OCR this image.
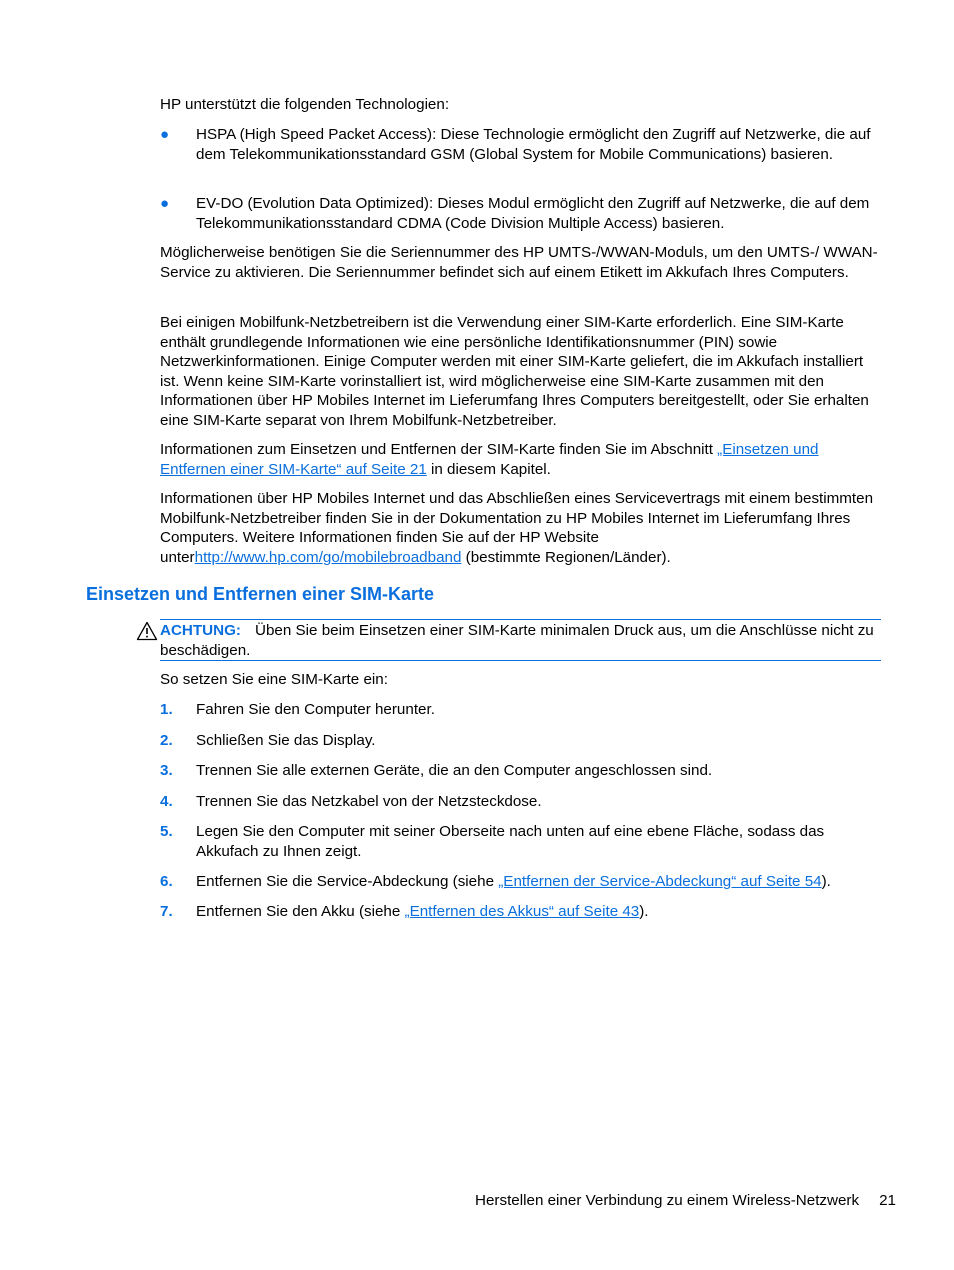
HP unterstützt die folgenden Technologien:

● HSPA (High Speed Packet Access): Diese Technologie ermöglicht den Zugriff auf Netzwerke, die auf dem Telekommunikationsstandard GSM (Global System for Mobile Communications) basieren.
● EV-DO (Evolution Data Optimized): Dieses Modul ermöglicht den Zugriff auf Netzwerke, die auf dem Telekommunikationsstandard CDMA (Code Division Multiple Access) basieren.

Möglicherweise benötigen Sie die Seriennummer des HP UMTS-/WWAN-Moduls, um den UMTS-/ WWAN-Service zu aktivieren. Die Seriennummer befindet sich auf einem Etikett im Akkufach Ihres Computers.

Bei einigen Mobilfunk-Netzbetreibern ist die Verwendung einer SIM-Karte erforderlich. Eine SIM-Karte enthält grundlegende Informationen wie eine persönliche Identifikationsnummer (PIN) sowie Netzwerkinformationen. Einige Computer werden mit einer SIM-Karte geliefert, die im Akkufach installiert ist. Wenn keine SIM-Karte vorinstalliert ist, wird möglicherweise eine SIM-Karte zusammen mit den Informationen über HP Mobiles Internet im Lieferumfang Ihres Computers bereitgestellt, oder Sie erhalten eine SIM-Karte separat von Ihrem Mobilfunk-Netzbetreiber.

Informationen zum Einsetzen und Entfernen der SIM-Karte finden Sie im Abschnitt „Einsetzen und Entfernen einer SIM-Karte“ auf Seite 21 in diesem Kapitel.

Informationen über HP Mobiles Internet und das Abschließen eines Servicevertrags mit einem bestimmten Mobilfunk-Netzbetreiber finden Sie in der Dokumentation zu HP Mobiles Internet im Lieferumfang Ihres Computers. Weitere Informationen finden Sie auf der HP Website unterhttp://www.hp.com/go/mobilebroadband (bestimmte Regionen/Länder).

Einsetzen und Entfernen einer SIM-Karte

ACHTUNG: Üben Sie beim Einsetzen einer SIM-Karte minimalen Druck aus, um die Anschlüsse nicht zu beschädigen.

So setzen Sie eine SIM-Karte ein:

1. Fahren Sie den Computer herunter.
2. Schließen Sie das Display.
3. Trennen Sie alle externen Geräte, die an den Computer angeschlossen sind.
4. Trennen Sie das Netzkabel von der Netzsteckdose.
5. Legen Sie den Computer mit seiner Oberseite nach unten auf eine ebene Fläche, sodass das Akkufach zu Ihnen zeigt.
6. Entfernen Sie die Service-Abdeckung (siehe „Entfernen der Service-Abdeckung“ auf Seite 54).
7. Entfernen Sie den Akku (siehe „Entfernen des Akkus“ auf Seite 43).
Herstellen einer Verbindung zu einem Wireless-Netzwerk 21
